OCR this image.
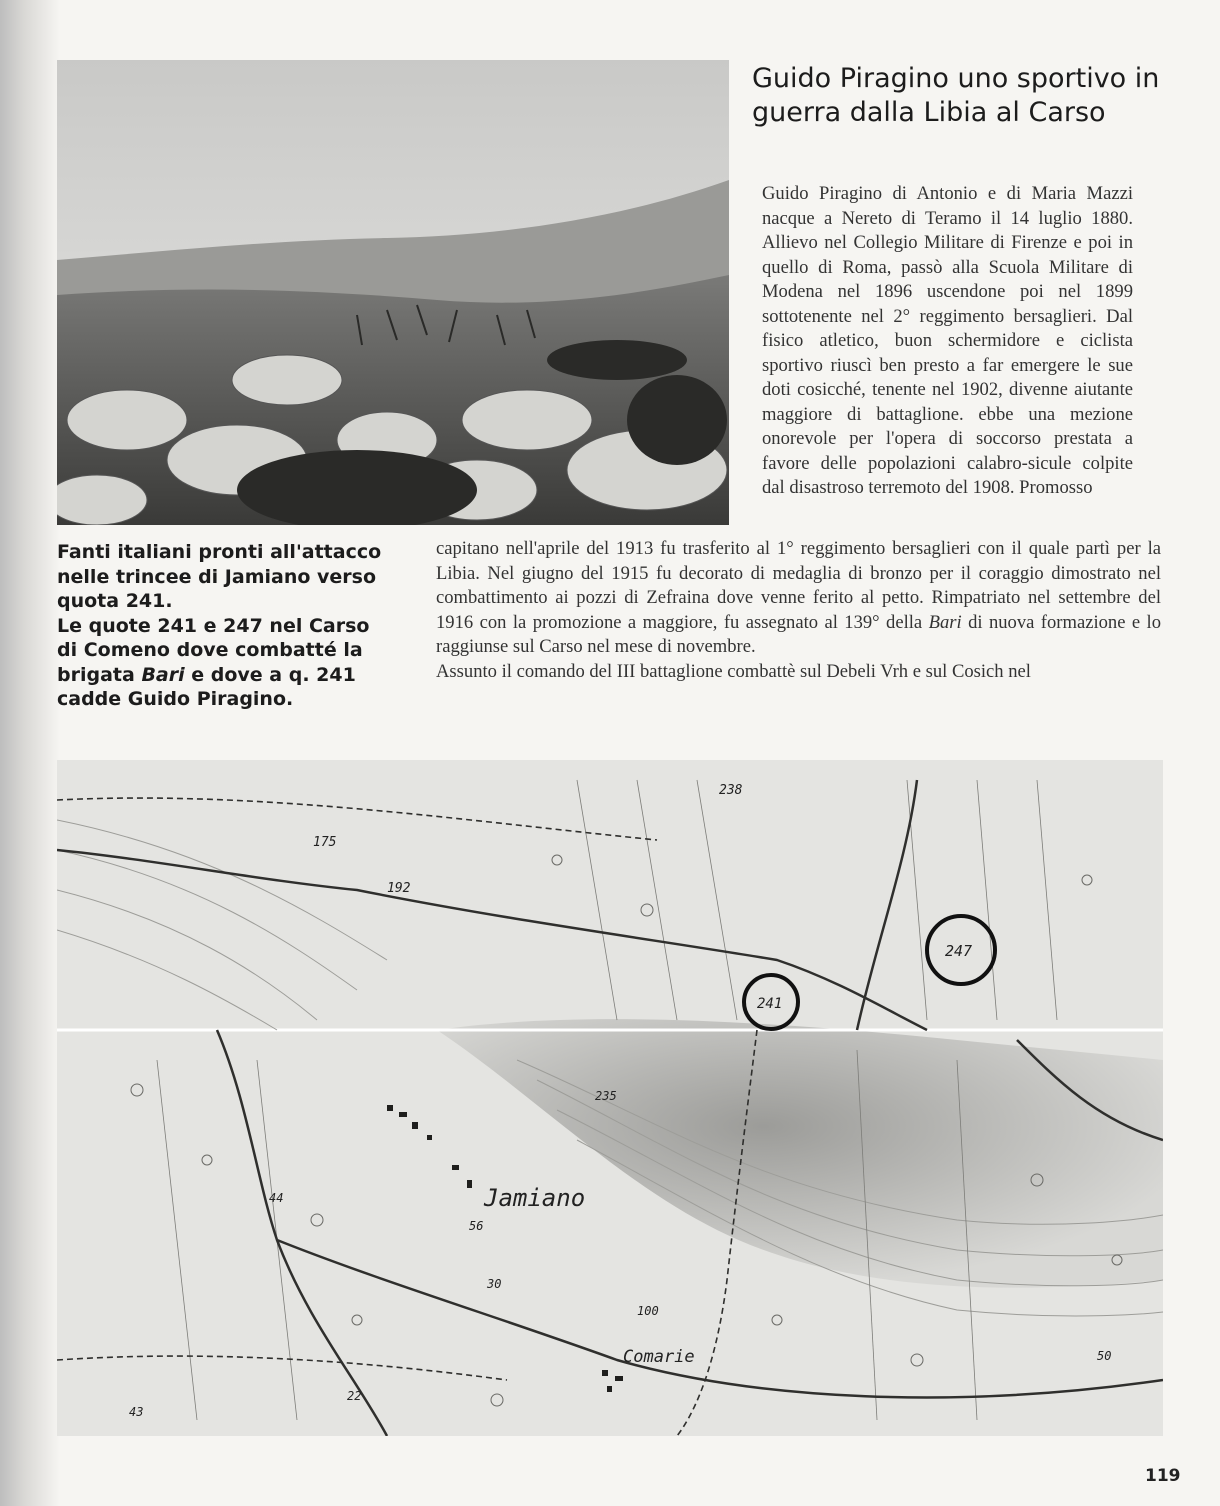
Guido Piragino uno sportivo in guerra dalla Libia al Carso

Guido Piragino di Antonio e di Maria Mazzi nacque a Nereto di Teramo il 14 luglio 1880. Allievo nel Collegio Militare di Firenze e poi in quello di Roma, passò alla Scuola Militare di Modena nel 1896 uscendone poi nel 1899 sottotenente nel 2° reggimento bersaglieri. Dal fisico atletico, buon schermidore e ciclista sportivo riuscì ben presto a far emergere le sue doti cosicché, tenente nel 1902, divenne aiutante maggiore di battaglione. ebbe una mezione onorevole per l'opera di soccorso prestata a favore delle popolazioni calabro-sicule colpite dal disastroso terremoto del 1908. Promosso

Fanti italiani pronti all'attacco nelle trincee di Jamiano verso quota 241.
Le quote 241 e 247 nel Carso di Comeno dove combatté la brigata Bari e dove a q. 241 cadde Guido Piragino.

capitano nell'aprile del 1913 fu trasferito al 1° reggimento bersaglieri con il quale partì per la Libia. Nel giugno del 1915 fu decorato di medaglia di bronzo per il coraggio dimostrato nel combattimento ai pozzi di Zefraina dove venne ferito al petto. Rimpatriato nel settembre del 1916 con la promozione a maggiore, fu assegnato al 139° della Bari di nuova formazione e lo raggiunse sul Carso nel mese di novembre.
Assunto il comando del III battaglione combattè sul Debeli Vrh e sul Cosich nel

247
241
238
175
192
235
Jamiano
56
Comarie	50
100
30
44
22
43
119
